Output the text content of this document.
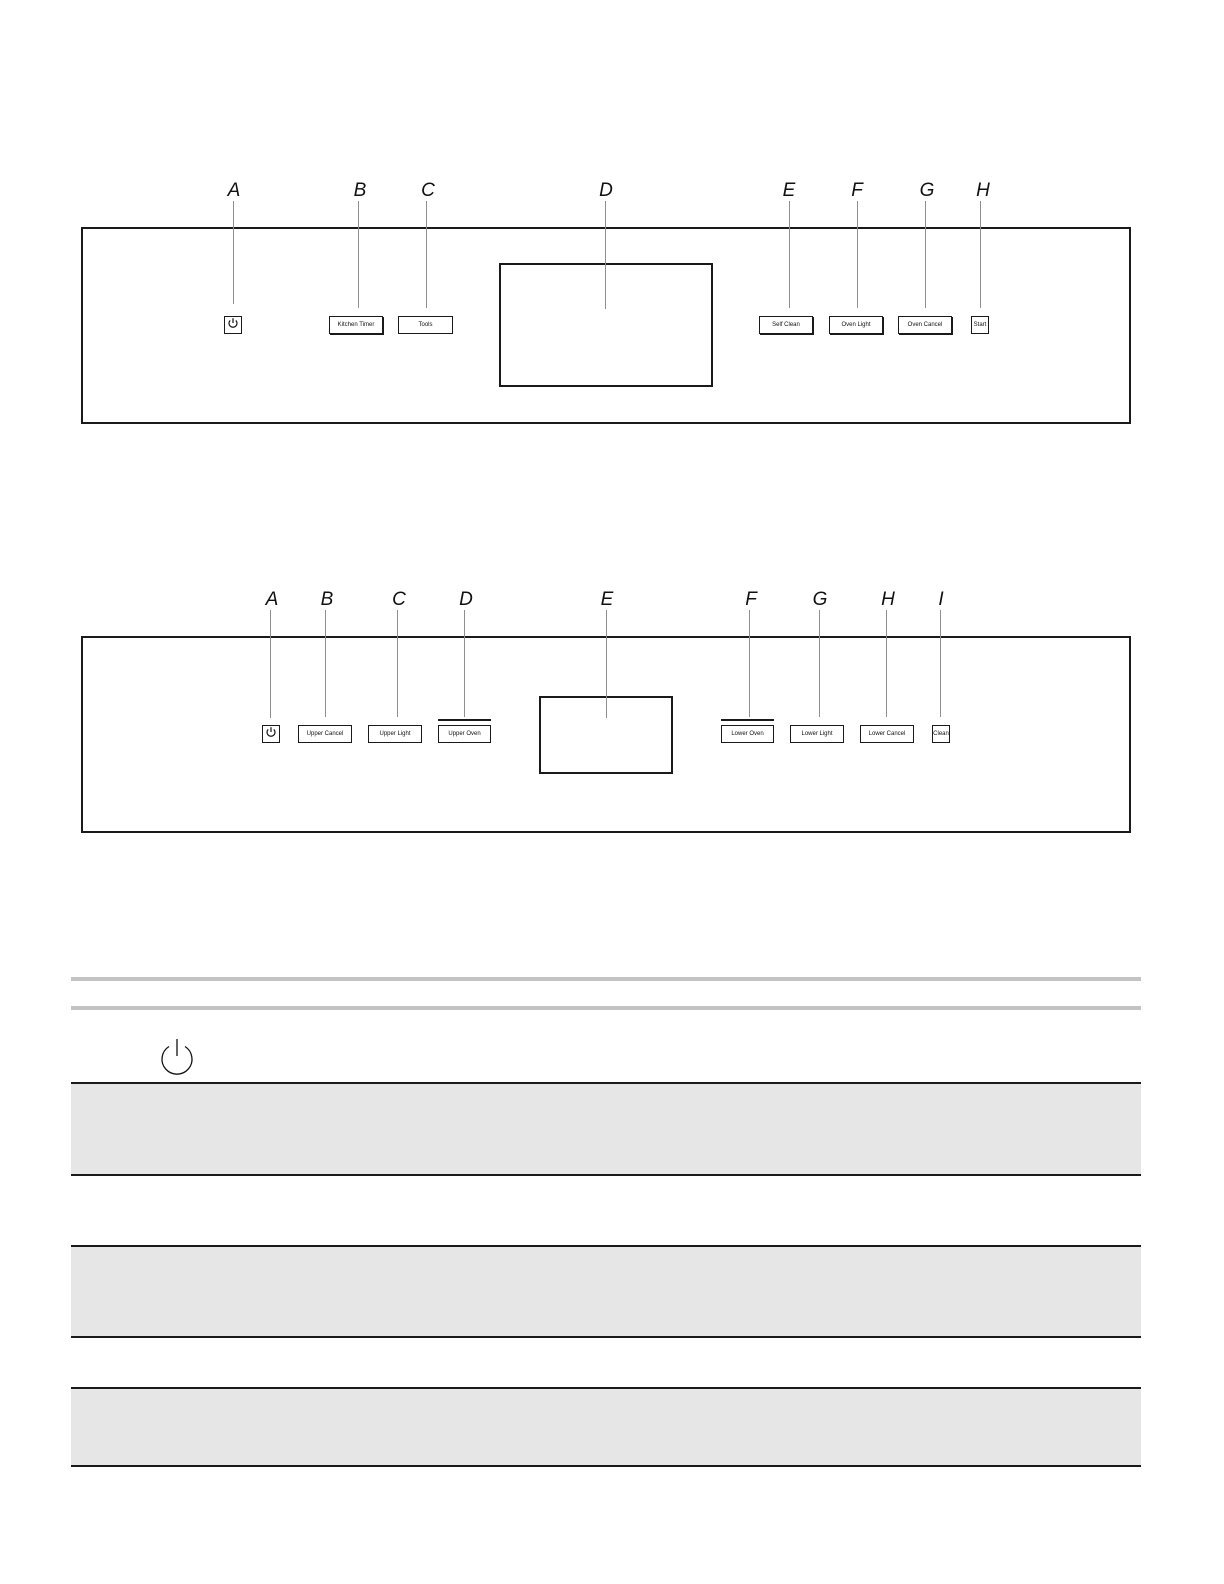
A	B	C	D	E	F	G	H
Kitchen Timer	Tools	Self Clean	Oven Light	Oven Cancel	Start
A	B	C	D	E	F	G	H	I
Upper Cancel	Upper Light	Upper Oven	Lower Oven	Lower Light	Lower Cancel	Clean
